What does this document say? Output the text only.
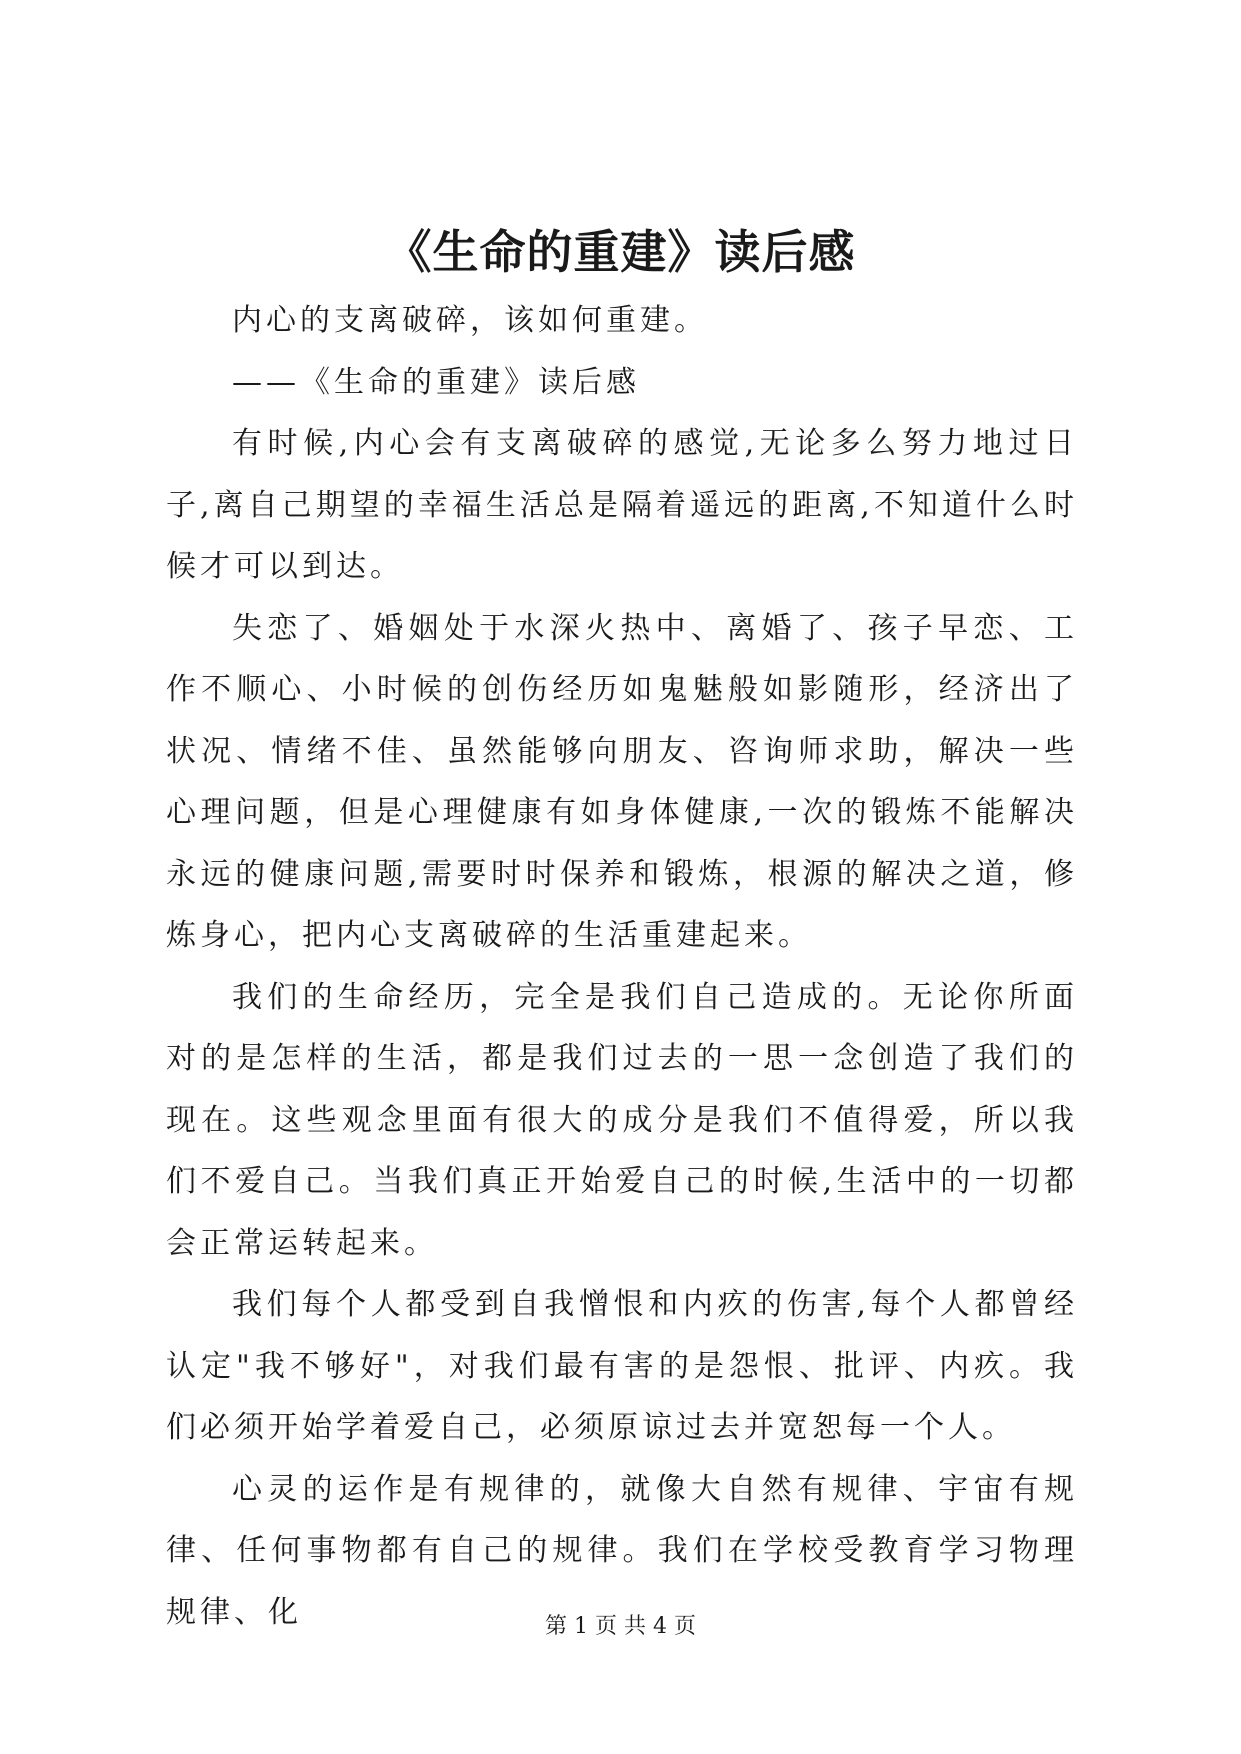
《生命的重建》读后感

内心的支离破碎，该如何重建。

——《生命的重建》读后感

有时候,内心会有支离破碎的感觉,无论多么努力地过日子,离自己期望的幸福生活总是隔着遥远的距离,不知道什么时候才可以到达。

失恋了、婚姻处于水深火热中、离婚了、孩子早恋、工作不顺心、小时候的创伤经历如鬼魅般如影随形，经济出了状况、情绪不佳、虽然能够向朋友、咨询师求助，解决一些心理问题，但是心理健康有如身体健康,一次的锻炼不能解决永远的健康问题,需要时时保养和锻炼，根源的解决之道，修炼身心，把内心支离破碎的生活重建起来。

我们的生命经历，完全是我们自己造成的。无论你所面对的是怎样的生活，都是我们过去的一思一念创造了我们的现在。这些观念里面有很大的成分是我们不值得爱，所以我们不爱自己。当我们真正开始爱自己的时候,生活中的一切都会正常运转起来。

我们每个人都受到自我憎恨和内疚的伤害,每个人都曾经认定"我不够好"，对我们最有害的是怨恨、批评、内疚。我们必须开始学着爱自己，必须原谅过去并宽恕每一个人。

心灵的运作是有规律的，就像大自然有规律、宇宙有规律、任何事物都有自己的规律。我们在学校受教育学习物理规律、化	第 1 页 共 4 页
